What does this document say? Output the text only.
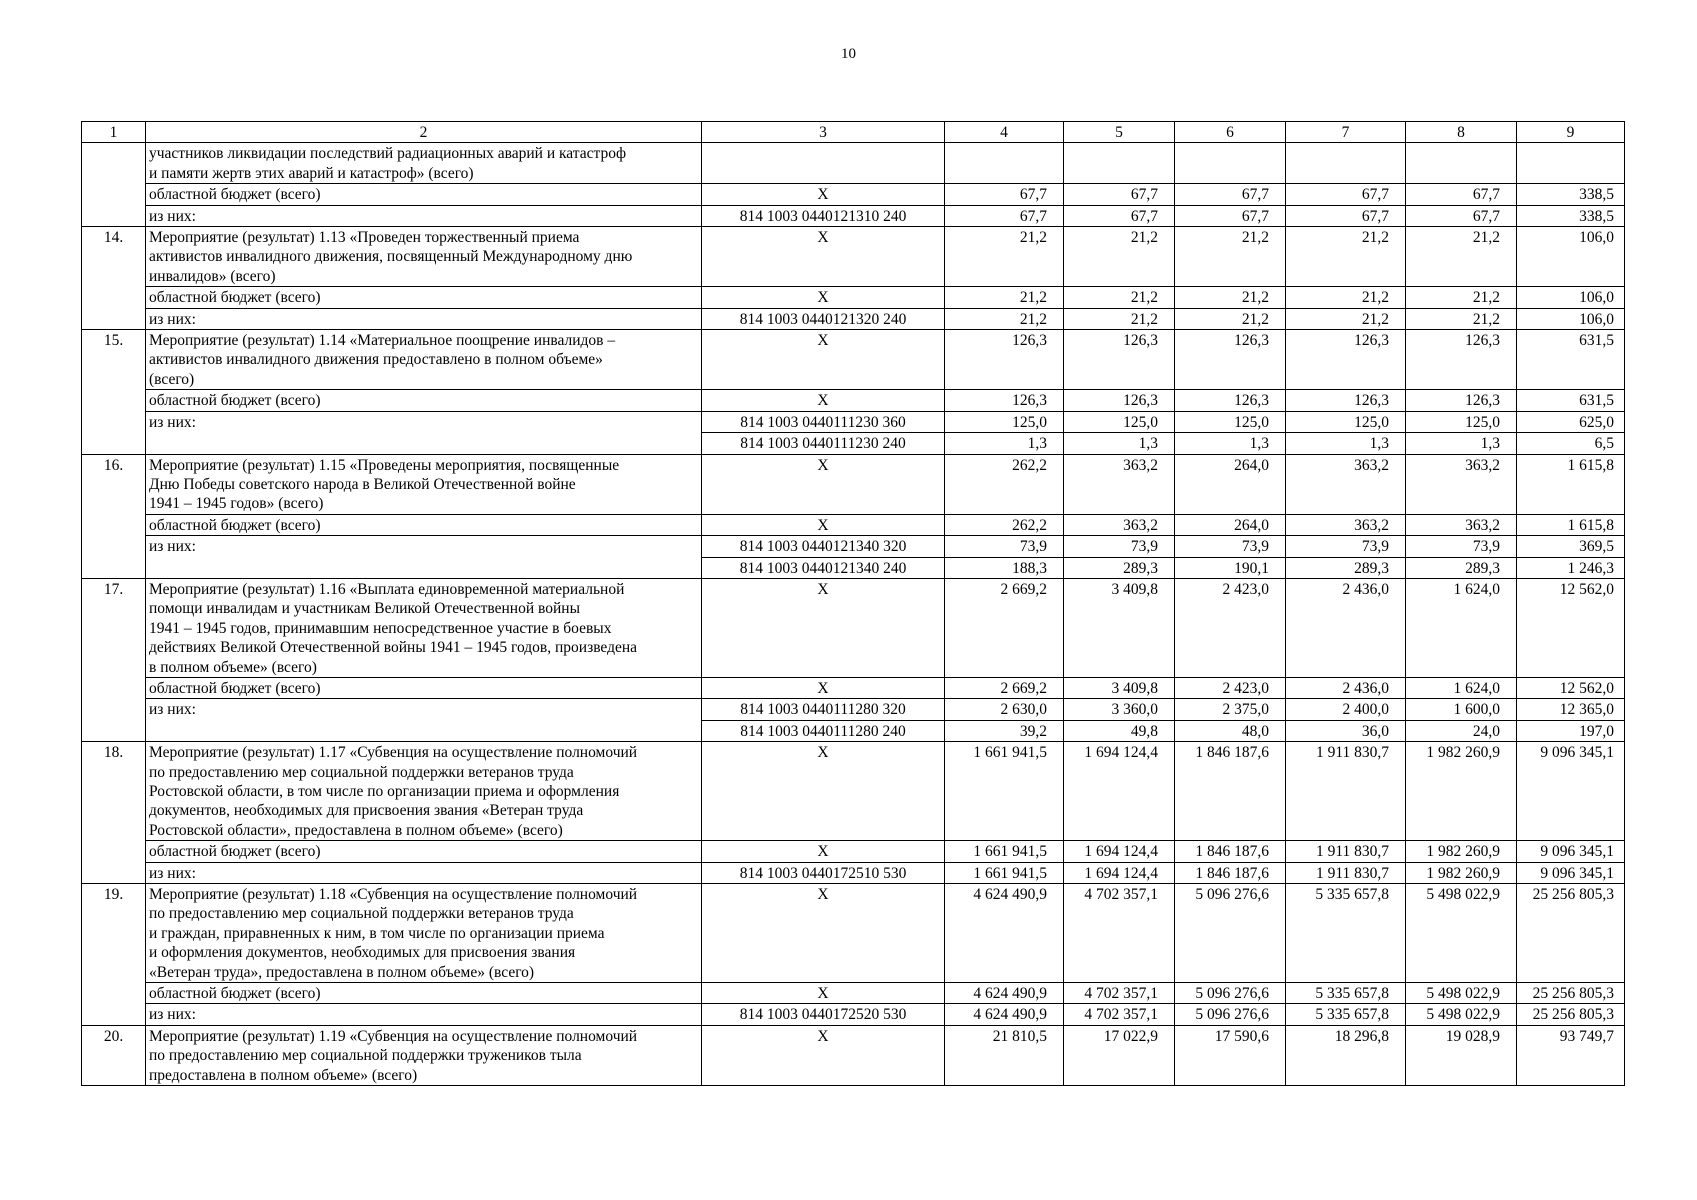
10
1	2	3	4	5	6	7	8	9

	участников ликвидации последствий радиационных аварий и катастроф
и памяти жертв этих аварий и катастроф» (всего)							

	областной бюджет (всего)	X	67,7	67,7	67,7	67,7	67,7	338,5

	из них:	814 1003 0440121310 240	67,7	67,7	67,7	67,7	67,7	338,5
14.	Мероприятие (результат) 1.13 «Проведен торжественный приема
активистов инвалидного движения, посвященный Международному дню
инвалидов» (всего)	X	21,2	21,2	21,2	21,2	21,2	106,0

	областной бюджет (всего)	X	21,2	21,2	21,2	21,2	21,2	106,0

	из них:	814 1003 0440121320 240	21,2	21,2	21,2	21,2	21,2	106,0
15.	Мероприятие (результат) 1.14 «Материальное поощрение инвалидов –
активистов инвалидного движения предоставлено в полном объеме»
(всего)	X	126,3	126,3	126,3	126,3	126,3	631,5

	областной бюджет (всего)	X	126,3	126,3	126,3	126,3	126,3	631,5

	из них:	814 1003 0440111230 360	125,0	125,0	125,0	125,0	125,0	625,0
		814 1003 0440111230 240	1,3	1,3	1,3	1,3	1,3	6,5
16.	Мероприятие (результат) 1.15 «Проведены мероприятия, посвященные
Дню Победы советского народа в Великой Отечественной войне
1941 – 1945 годов» (всего)	X	262,2	363,2	264,0	363,2	363,2	1 615,8

	областной бюджет (всего)	X	262,2	363,2	264,0	363,2	363,2	1 615,8

	из них:	814 1003 0440121340 320	73,9	73,9	73,9	73,9	73,9	369,5
		814 1003 0440121340 240	188,3	289,3	190,1	289,3	289,3	1 246,3
17.	Мероприятие (результат) 1.16 «Выплата единовременной материальной
помощи инвалидам и участникам Великой Отечественной войны
1941 – 1945 годов, принимавшим непосредственное участие в боевых
действиях Великой Отечественной войны 1941 – 1945 годов, произведена
в полном объеме» (всего)	X	2 669,2	3 409,8	2 423,0	2 436,0	1 624,0	12 562,0

	областной бюджет (всего)	X	2 669,2	3 409,8	2 423,0	2 436,0	1 624,0	12 562,0

	из них:	814 1003 0440111280 320	2 630,0	3 360,0	2 375,0	2 400,0	1 600,0	12 365,0
		814 1003 0440111280 240	39,2	49,8	48,0	36,0	24,0	197,0
18.	Мероприятие (результат) 1.17 «Субвенция на осуществление полномочий
по предоставлению мер социальной поддержки ветеранов труда
Ростовской области, в том числе по организации приема и оформления
документов, необходимых для присвоения звания «Ветеран труда
Ростовской области», предоставлена в полном объеме» (всего)	X	1 661 941,5	1 694 124,4	1 846 187,6	1 911 830,7	1 982 260,9	9 096 345,1

	областной бюджет (всего)	X	1 661 941,5	1 694 124,4	1 846 187,6	1 911 830,7	1 982 260,9	9 096 345,1

	из них:	814 1003 0440172510 530	1 661 941,5	1 694 124,4	1 846 187,6	1 911 830,7	1 982 260,9	9 096 345,1
19.	Мероприятие (результат) 1.18 «Субвенция на осуществление полномочий
по предоставлению мер социальной поддержки ветеранов труда
и граждан, приравненных к ним, в том числе по организации приема
и оформления документов, необходимых для присвоения звания
«Ветеран труда», предоставлена в полном объеме» (всего)	X	4 624 490,9	4 702 357,1	5 096 276,6	5 335 657,8	5 498 022,9	25 256 805,3

	областной бюджет (всего)	X	4 624 490,9	4 702 357,1	5 096 276,6	5 335 657,8	5 498 022,9	25 256 805,3

	из них:	814 1003 0440172520 530	4 624 490,9	4 702 357,1	5 096 276,6	5 335 657,8	5 498 022,9	25 256 805,3
20.	Мероприятие (результат) 1.19 «Субвенция на осуществление полномочий
по предоставлению мер социальной поддержки тружеников тыла
предоставлена в полном объеме» (всего)	X	21 810,5	17 022,9	17 590,6	18 296,8	19 028,9	93 749,7
